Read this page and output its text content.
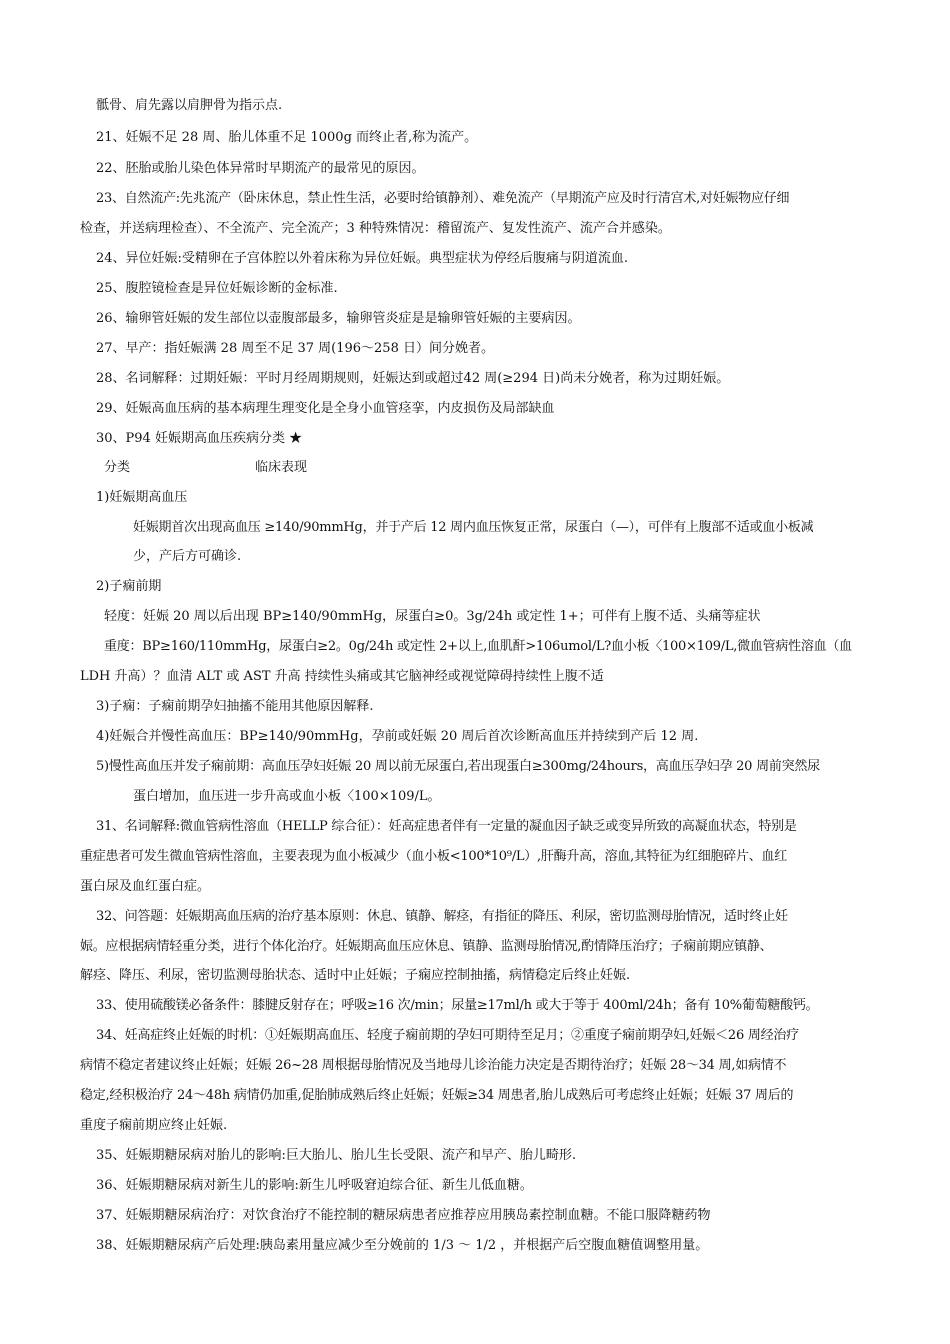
骶骨、肩先露以肩胛骨为指示点.
21、妊娠不足 28 周、胎儿体重不足 1000g 而终止者,称为流产。
22、胚胎或胎儿染色体异常时早期流产的最常见的原因。
23、自然流产:先兆流产（卧床休息，禁止性生活，必要时给镇静剂）、难免流产（早期流产应及时行清宫术,对妊娠物应仔细
检查，并送病理检查）、不全流产、完全流产；3 种特殊情况：稽留流产、复发性流产、流产合并感染。
24、异位妊娠:受精卵在子宫体腔以外着床称为异位妊娠。典型症状为停经后腹痛与阴道流血.
25、腹腔镜检查是异位妊娠诊断的金标准.
26、输卵管妊娠的发生部位以壶腹部最多，输卵管炎症是是输卵管妊娠的主要病因。
27、早产：指妊娠满 28 周至不足 37 周(196～258 日）间分娩者。
28、名词解释：过期妊娠：平时月经周期规则，妊娠达到或超过42 周(≥294 日)尚未分娩者，称为过期妊娠。
29、妊娠高血压病的基本病理生理变化是全身小血管痉挛，内皮损伤及局部缺血
30、P94 妊娠期高血压疾病分类 ★
分类	临床表现
1)妊娠期高血压
妊娠期首次出现高血压 ≥140/90mmHg，并于产后 12 周内血压恢复正常，尿蛋白（—），可伴有上腹部不适或血小板减
少，产后方可确诊.
2)子痫前期
轻度：妊娠 20 周以后出现 BP≥140/90mmHg，尿蛋白≥0。3g/24h 或定性 1+；可伴有上腹不适、头痛等症状
重度：BP≥160/110mmHg，尿蛋白≥2。0g/24h 或定性 2+以上,血肌酐>106umol/L?血小板〈100×109/L,微血管病性溶血（血
LDH 升高）？血清 ALT 或 AST 升高 持续性头痛或其它脑神经或视觉障碍持续性上腹不适
3)子痫：子痫前期孕妇抽搐不能用其他原因解释.
4)妊娠合并慢性高血压：BP≥140/90mmHg，孕前或妊娠 20 周后首次诊断高血压并持续到产后 12 周.
5)慢性高血压并发子痫前期：高血压孕妇妊娠 20 周以前无尿蛋白,若出现蛋白≥300mg/24hours，高血压孕妇孕 20 周前突然尿
蛋白增加，血压进一步升高或血小板〈100×109/L。
31、名词解释:微血管病性溶血（HELLP 综合征）：妊高症患者伴有一定量的凝血因子缺乏或变异所致的高凝血状态，特别是
重症患者可发生微血管病性溶血，主要表现为血小板减少（血小板<100*10⁹/L）,肝酶升高，溶血,其特征为红细胞碎片、血红
蛋白尿及血红蛋白症。
32、问答题：妊娠期高血压病的治疗基本原则：休息、镇静、解痉，有指征的降压、利尿，密切监测母胎情况，适时终止妊
娠。应根据病情轻重分类，进行个体化治疗。妊娠期高血压应休息、镇静、监测母胎情况,酌情降压治疗；子痫前期应镇静、
解痉、降压、利尿，密切监测母胎状态、适时中止妊娠；子痫应控制抽搐，病情稳定后终止妊娠.
33、使用硫酸镁必备条件：膝腱反射存在；呼吸≥16 次/min；尿量≥17ml/h 或大于等于 400ml/24h；备有 10%葡萄糖酸钙。
34、妊高症终止妊娠的时机：①妊娠期高血压、轻度子痫前期的孕妇可期待至足月；②重度子痫前期孕妇,妊娠＜26 周经治疗
病情不稳定者建议终止妊娠；妊娠 26~28 周根据母胎情况及当地母儿诊治能力决定是否期待治疗；妊娠 28～34 周,如病情不
稳定,经积极治疗 24～48h 病情仍加重,促胎肺成熟后终止妊娠；妊娠≥34 周患者,胎儿成熟后可考虑终止妊娠；妊娠 37 周后的
重度子痫前期应终止妊娠.
35、妊娠期糖尿病对胎儿的影响:巨大胎儿、胎儿生长受限、流产和早产、胎儿畸形.
36、妊娠期糖尿病对新生儿的影响:新生儿呼吸窘迫综合征、新生儿低血糖。
37、妊娠期糖尿病治疗：对饮食治疗不能控制的糖尿病患者应推荐应用胰岛素控制血糖。不能口服降糖药物
38、妊娠期糖尿病产后处理:胰岛素用量应减少至分娩前的 1/3 ～ 1/2 ，并根据产后空腹血糖值调整用量。
